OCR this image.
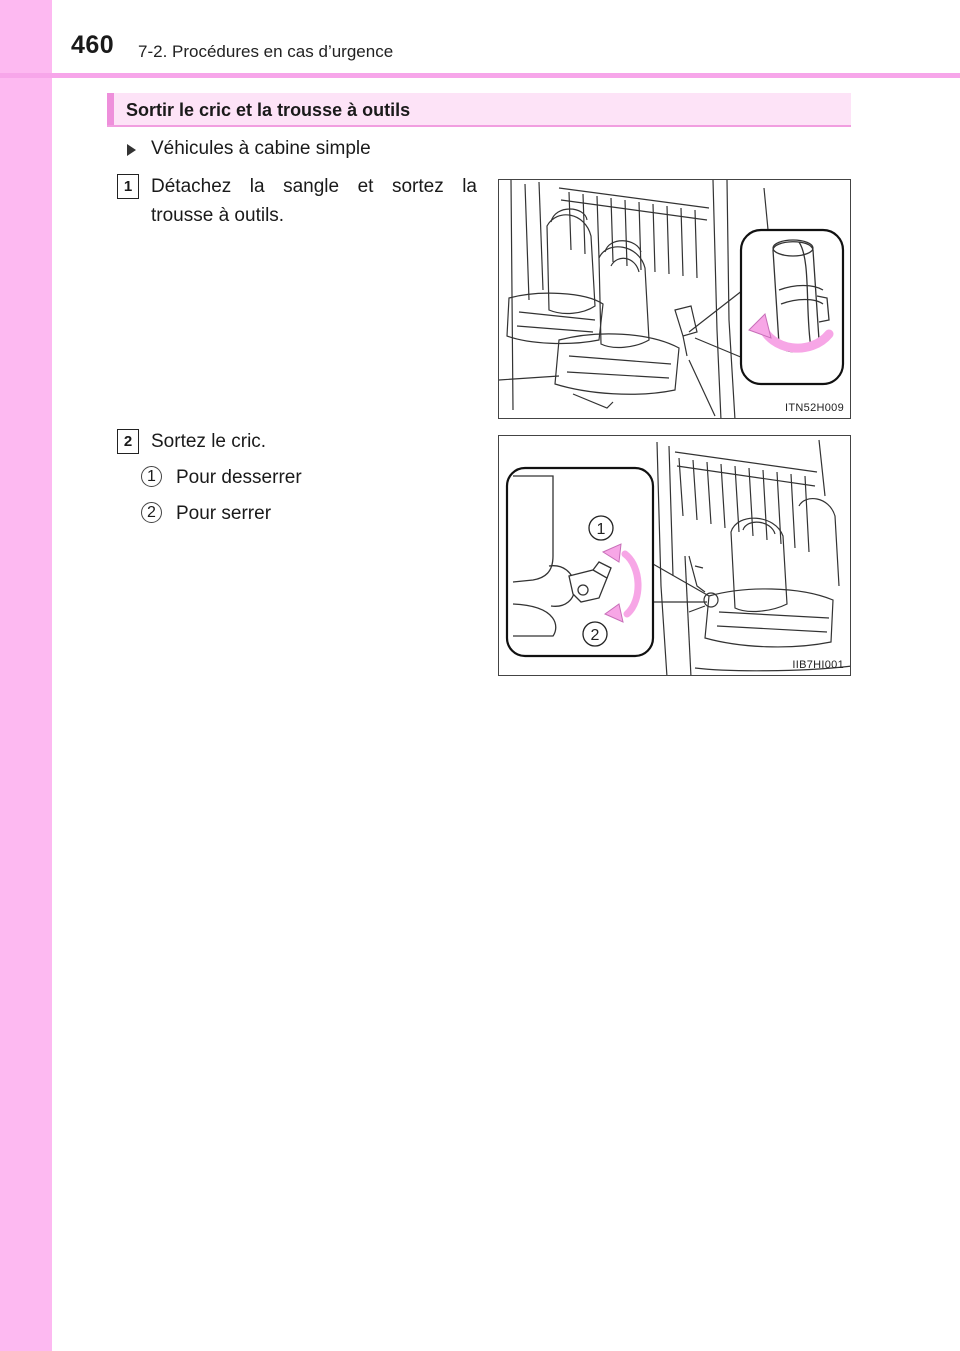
460 7-2. Procédures en cas d’urgence
Sortir le cric et la trousse à outils
Véhicules à cabine simple
1 Détachez la sangle et sortez la trousse à outils.
ITN52H009
2 Sortez le cric.
1	Pour desserrer
2	Pour serrer
1
2
IIB7HI001
